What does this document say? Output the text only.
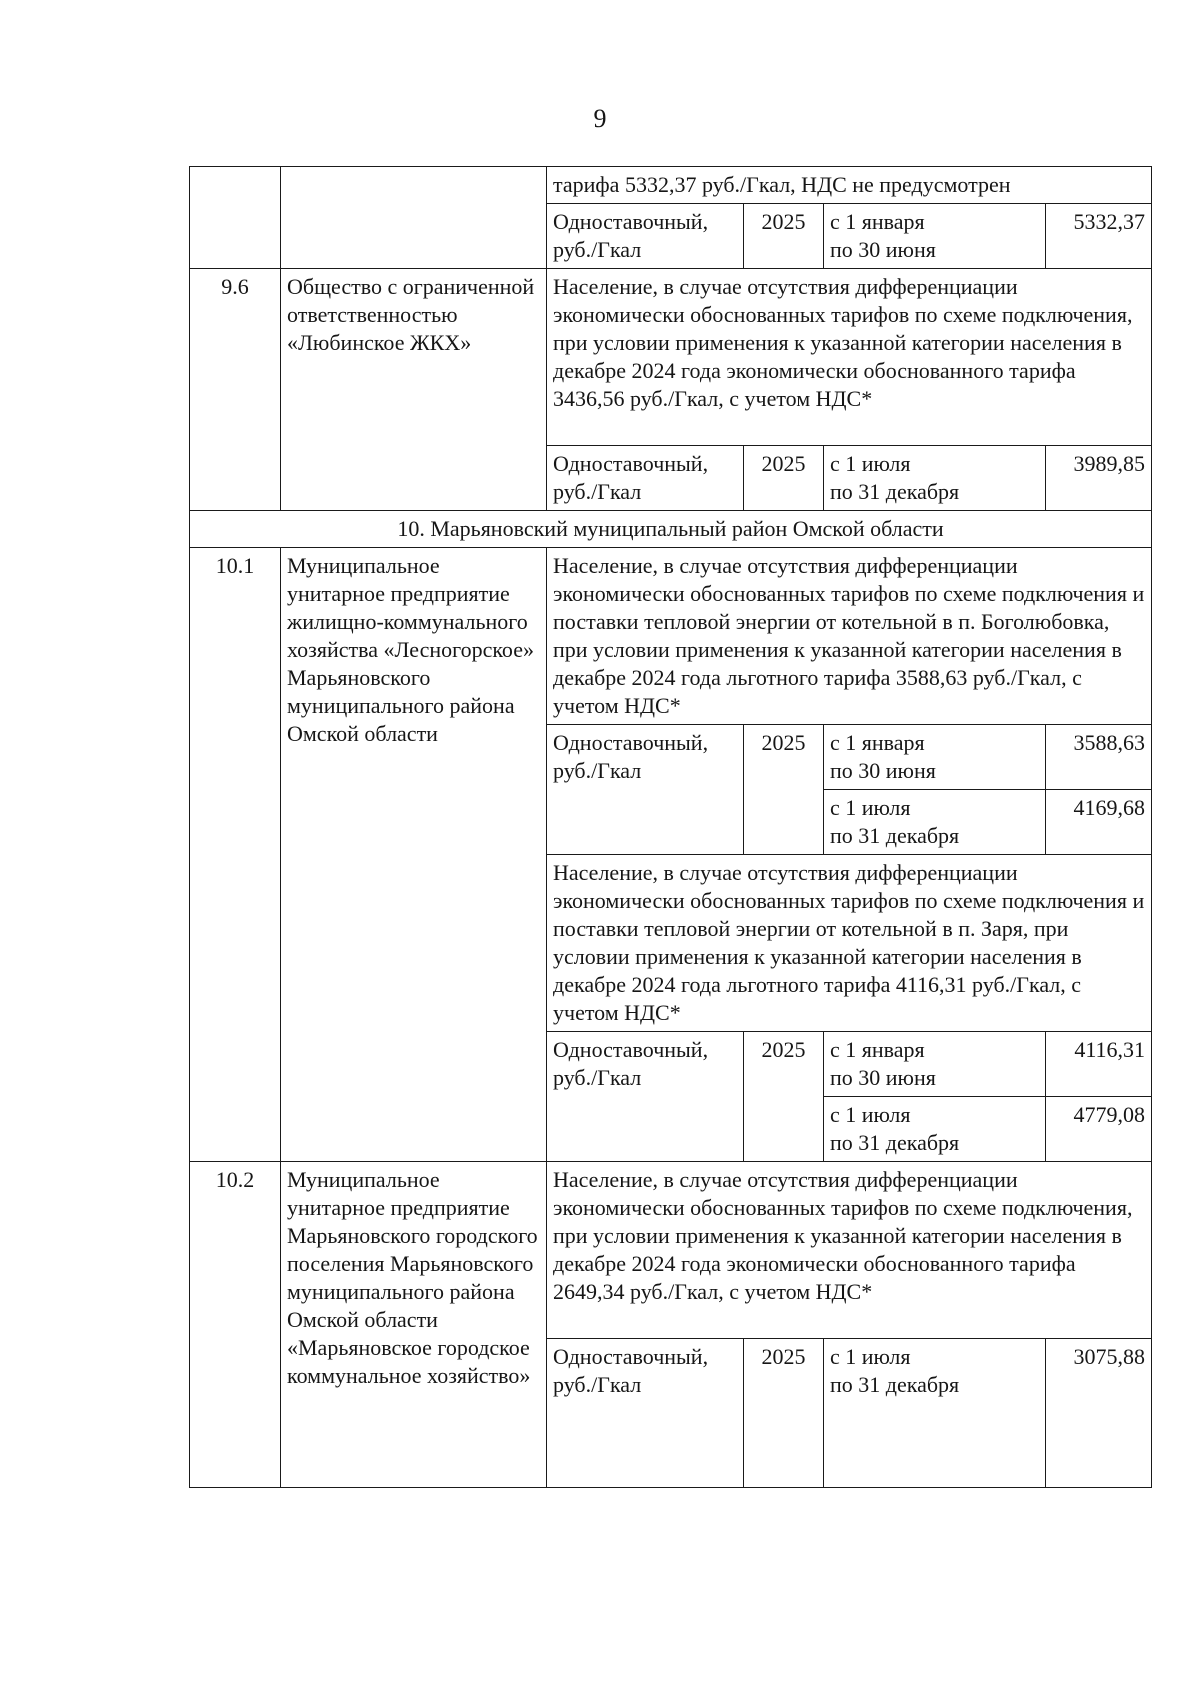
9
		тарифа 5332,37 руб./Гкал, НДС не предусмотрен			
		Одноставочный, руб./Гкал	2025	с 1 января
по 30 июня	5332,37
9.6	Общество с ограниченной ответственностью «Любинское ЖКХ»	Население, в случае отсутствия дифференциации экономически обоснованных тарифов по схеме подключения, при условии применения к указанной категории населения в декабре 2024 года экономически обоснованного тарифа 3436,56 руб./Гкал, с учетом НДС*			
		Одноставочный, руб./Гкал	2025	с 1 июля
по 31 декабря	3989,85
10. Марьяновский муниципальный район Омской области					
10.1	Муниципальное унитарное предприятие жилищно-коммунального хозяйства «Лесногорское» Марьяновского муниципального района Омской области	Население, в случае отсутствия дифференциации экономически обоснованных тарифов по схеме подключения и поставки тепловой энергии от котельной в п. Боголюбовка, при условии применения к указанной категории населения в декабре 2024 года льготного тарифа 3588,63 руб./Гкал, с учетом НДС*			
		Одноставочный, руб./Гкал	2025	с 1 января
по 30 июня	3588,63

				с 1 июля
по 31 декабря	4169,68
		Население, в случае отсутствия дифференциации экономически обоснованных тарифов по схеме подключения и поставки тепловой энергии от котельной в п. Заря, при условии применения к указанной категории населения в декабре 2024 года льготного тарифа 4116,31 руб./Гкал, с учетом НДС*			
		Одноставочный, руб./Гкал	2025	с 1 января
по 30 июня	4116,31

				с 1 июля
по 31 декабря	4779,08
10.2	Муниципальное унитарное предприятие Марьяновского городского поселения Марьяновского муниципального района Омской области «Марьяновское городское коммунальное хозяйство»	Население, в случае отсутствия дифференциации экономически обоснованных тарифов по схеме подключения, при условии применения к указанной категории населения в декабре 2024 года экономически обоснованного тарифа 2649,34 руб./Гкал, с учетом НДС*			
		Одноставочный, руб./Гкал	2025	с 1 июля
по 31 декабря	3075,88
